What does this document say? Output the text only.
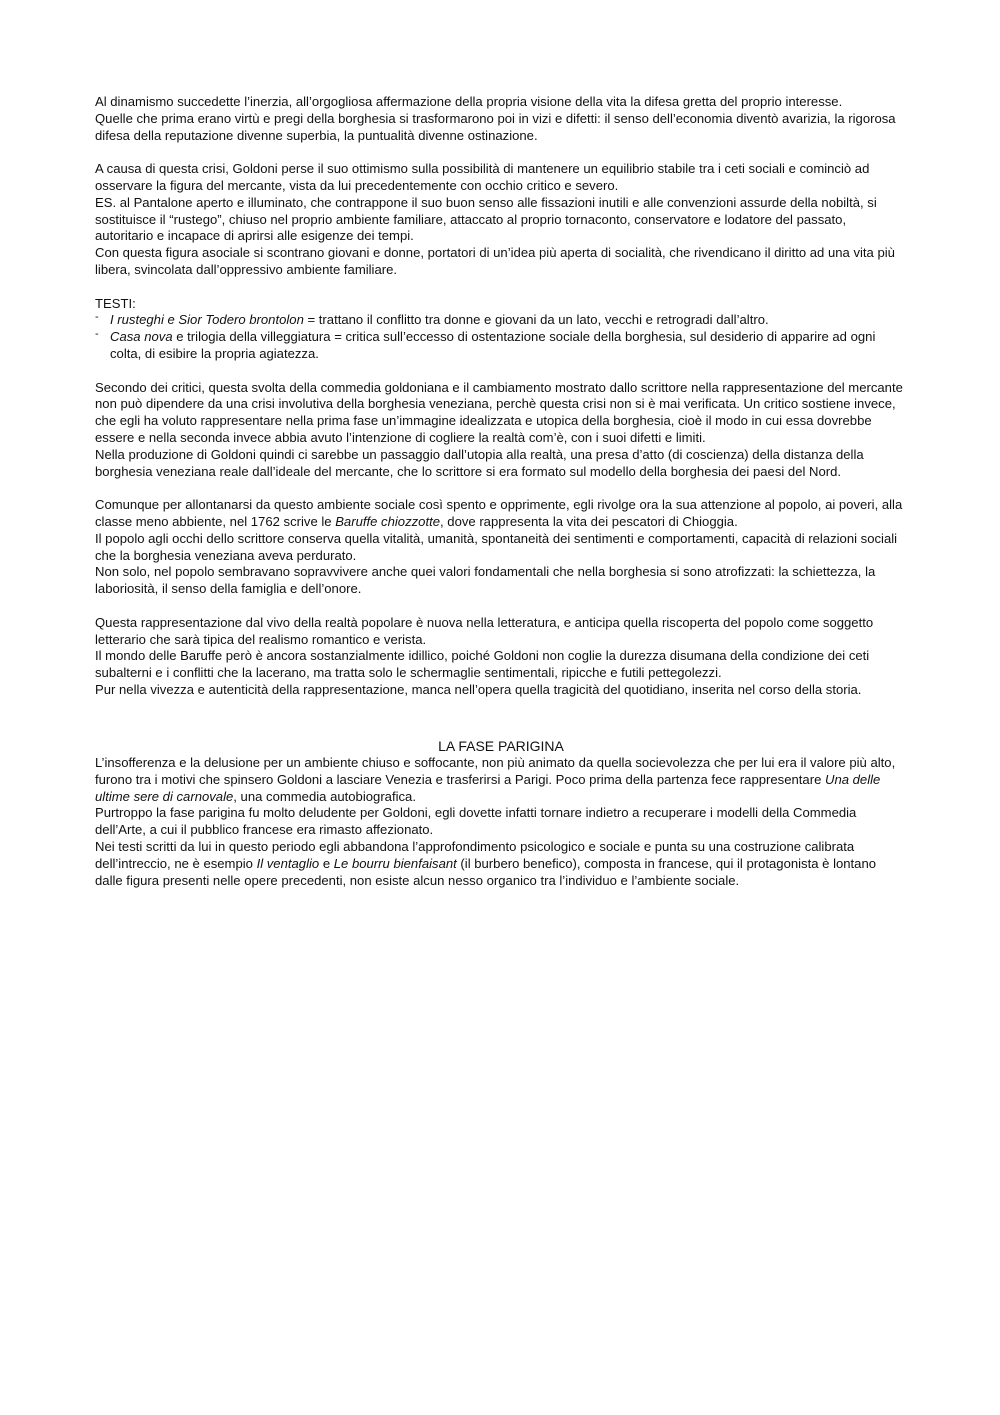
Al dinamismo succedette l’inerzia, all’orgogliosa affermazione della propria visione della vita la difesa gretta del proprio interesse.

Quelle che prima erano virtù e pregi della borghesia si trasformarono poi in vizi e difetti: il senso dell’economia diventò avarizia, la rigorosa difesa della reputazione divenne superbia, la puntualità divenne ostinazione.

A causa di questa crisi, Goldoni perse il suo ottimismo sulla possibilità di mantenere un equilibrio stabile tra i ceti sociali e cominciò ad osservare la figura del mercante, vista da lui precedentemente con occhio critico e severo.

ES. al Pantalone aperto e illuminato, che contrappone il suo buon senso alle fissazioni inutili e alle convenzioni assurde della nobiltà, si sostituisce il “rustego”, chiuso nel proprio ambiente familiare, attaccato al proprio tornaconto, conservatore e lodatore del passato, autoritario e incapace di aprirsi alle esigenze dei tempi.

Con questa figura asociale si scontrano giovani e donne, portatori di un’idea più aperta di socialità, che rivendicano il diritto ad una vita più libera, svincolata dall’oppressivo ambiente familiare.

TESTI:

- I rusteghi e Sior Todero brontolon = trattano il conflitto tra donne e giovani da un lato, vecchi e retrogradi dall’altro.
- Casa nova e trilogia della villeggiatura = critica sull’eccesso di ostentazione sociale della borghesia, sul desiderio di apparire ad ogni colta, di esibire la propria agiatezza.

Secondo dei critici, questa svolta della commedia goldoniana e il cambiamento mostrato dallo scrittore nella rappresentazione del mercante non può dipendere da una crisi involutiva della borghesia veneziana, perchè questa crisi non si è mai verificata. Un critico sostiene invece, che egli ha voluto rappresentare nella prima fase un’immagine idealizzata e utopica della borghesia, cioè il modo in cui essa dovrebbe essere e nella seconda invece abbia avuto l’intenzione di cogliere la realtà com’è, con i suoi difetti e limiti.

Nella produzione di Goldoni quindi ci sarebbe un passaggio dall’utopia alla realtà, una presa d’atto (di coscienza) della distanza della borghesia veneziana reale dall’ideale del mercante, che lo scrittore si era formato sul modello della borghesia dei paesi del Nord.

Comunque per allontanarsi da questo ambiente sociale così spento e opprimente, egli rivolge ora la sua attenzione al popolo, ai poveri, alla classe meno abbiente, nel 1762 scrive le Baruffe chiozzotte, dove rappresenta la vita dei pescatori di Chioggia.

Il popolo agli occhi dello scrittore conserva quella vitalità, umanità, spontaneità dei sentimenti e comportamenti, capacità di relazioni sociali che la borghesia veneziana aveva perdurato.

Non solo, nel popolo sembravano sopravvivere anche quei valori fondamentali che nella borghesia si sono atrofizzati: la schiettezza, la laboriosità, il senso della famiglia e dell’onore.

Questa rappresentazione dal vivo della realtà popolare è nuova nella letteratura, e anticipa quella riscoperta del popolo come soggetto letterario che sarà tipica del realismo romantico e verista.

Il mondo delle Baruffe però è ancora sostanzialmente idillico, poiché Goldoni non coglie la durezza disumana della condizione dei ceti subalterni e i conflitti che la lacerano, ma tratta solo le schermaglie sentimentali, ripicche e futili pettegolezzi.

Pur nella vivezza e autenticità della rappresentazione, manca nell’opera quella tragicità del quotidiano, inserita nel corso della storia.

LA FASE PARIGINA

L’insofferenza e la delusione per un ambiente chiuso e soffocante, non più animato da quella socievolezza che per lui era il valore più alto, furono tra i motivi che spinsero Goldoni a lasciare Venezia e trasferirsi a Parigi. Poco prima della partenza fece rappresentare Una delle ultime sere di carnovale, una commedia autobiografica.

Purtroppo la fase parigina fu molto deludente per Goldoni, egli dovette infatti tornare indietro a recuperare i modelli della Commedia dell’Arte, a cui il pubblico francese era rimasto affezionato.

Nei testi scritti da lui in questo periodo egli abbandona l’approfondimento psicologico e sociale e punta su una costruzione calibrata dell’intreccio, ne è esempio Il ventaglio e Le bourru bienfaisant (il burbero benefico), composta in francese, qui il protagonista è lontano dalle figura presenti nelle opere precedenti, non esiste alcun nesso organico tra l’individuo e l’ambiente sociale.
